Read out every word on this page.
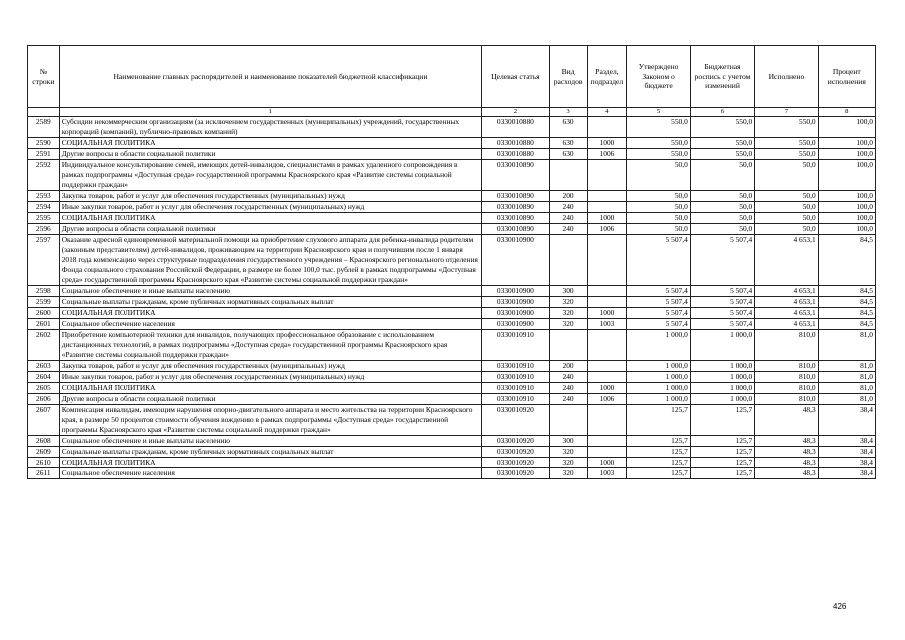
№ строки	Наименование главных распорядителей и наименование показателей бюджетной классификации	Целевая статья	Вид расходов	Раздел, подраздел	Утверждено Законом о бюджете	Бюджетная роспись с учетом изменений	Исполнено	Процент исполнения
	1	2	3	4	5	6	7	8
2589	Субсидии некоммерческим организациям (за исключением государственных (муниципальных) учреждений, государственных корпораций (компаний), публично-правовых компаний)	0330010880	630		550,0	550,0	550,0	100,0
2590	СОЦИАЛЬНАЯ ПОЛИТИКА	0330010880	630	1000	550,0	550,0	550,0	100,0
2591	Другие вопросы в области социальной политики	0330010880	630	1006	550,0	550,0	550,0	100,0
2592	Индивидуальное консультирование семей, имеющих детей-инвалидов, специалистами в рамках удаленного сопровождения в рамках подпрограммы «Доступная среда» государственной программы Красноярского края «Развитие системы социальной поддержки граждан»	0330010890			50,0	50,0	50,0	100,0
2593	Закупка товаров, работ и услуг для обеспечения государственных (муниципальных) нужд	0330010890	200		50,0	50,0	50,0	100,0
2594	Иные закупки товаров, работ и услуг для обеспечения государственных (муниципальных) нужд	0330010890	240		50,0	50,0	50,0	100,0
2595	СОЦИАЛЬНАЯ ПОЛИТИКА	0330010890	240	1000	50,0	50,0	50,0	100,0
2596	Другие вопросы в области социальной политики	0330010890	240	1006	50,0	50,0	50,0	100,0
2597	Оказание адресной единовременной материальной помощи на приобретение слухового аппарата для ребенка-инвалида родителям (законным представителям) детей-инвалидов, проживающим на территории Красноярского края и получившим после 1 января 2018 года компенсацию через структурные подразделения государственного учреждения – Красноярского регионального отделения Фонда социального страхования Российской Федерации, в размере не более 100,0 тыс. рублей в рамках подпрограммы «Доступная среда» государственной программы Красноярского края «Развитие системы социальной поддержки граждан»	0330010900			5 507,4	5 507,4	4 653,1	84,5
2598	Социальное обеспечение и иные выплаты населению	0330010900	300		5 507,4	5 507,4	4 653,1	84,5
2599	Социальные выплаты гражданам, кроме публичных нормативных социальных выплат	0330010900	320		5 507,4	5 507,4	4 653,1	84,5
2600	СОЦИАЛЬНАЯ ПОЛИТИКА	0330010900	320	1000	5 507,4	5 507,4	4 653,1	84,5
2601	Социальное обеспечение населения	0330010900	320	1003	5 507,4	5 507,4	4 653,1	84,5
2602	Приобретение компьютерной техники для инвалидов, получающих профессиональное образование с использованием дистанционных технологий, в рамках подпрограммы «Доступная среда» государственной программы Красноярского края «Развитие системы социальной поддержки граждан»	0330010910			1 000,0	1 000,0	810,0	81,0
2603	Закупка товаров, работ и услуг для обеспечения государственных (муниципальных) нужд	0330010910	200		1 000,0	1 000,0	810,0	81,0
2604	Иные закупки товаров, работ и услуг для обеспечения государственных (муниципальных) нужд	0330010910	240		1 000,0	1 000,0	810,0	81,0
2605	СОЦИАЛЬНАЯ ПОЛИТИКА	0330010910	240	1000	1 000,0	1 000,0	810,0	81,0
2606	Другие вопросы в области социальной политики	0330010910	240	1006	1 000,0	1 000,0	810,0	81,0
2607	Компенсация инвалидам, имеющим нарушения опорно-двигательного аппарата и место жительства на территории Красноярского края, в размере 50 процентов стоимости обучения вождению в рамках подпрограммы «Доступная среда» государственной программы Красноярского края «Развитие системы социальной поддержки граждан»	0330010920			125,7	125,7	48,3	38,4
2608	Социальное обеспечение и иные выплаты населению	0330010920	300		125,7	125,7	48,3	38,4
2609	Социальные выплаты гражданам, кроме публичных нормативных социальных выплат	0330010920	320		125,7	125,7	48,3	38,4
2610	СОЦИАЛЬНАЯ ПОЛИТИКА	0330010920	320	1000	125,7	125,7	48,3	38,4
2611	Социальное обеспечение населения	0330010920	320	1003	125,7	125,7	48,3	38,4
426
